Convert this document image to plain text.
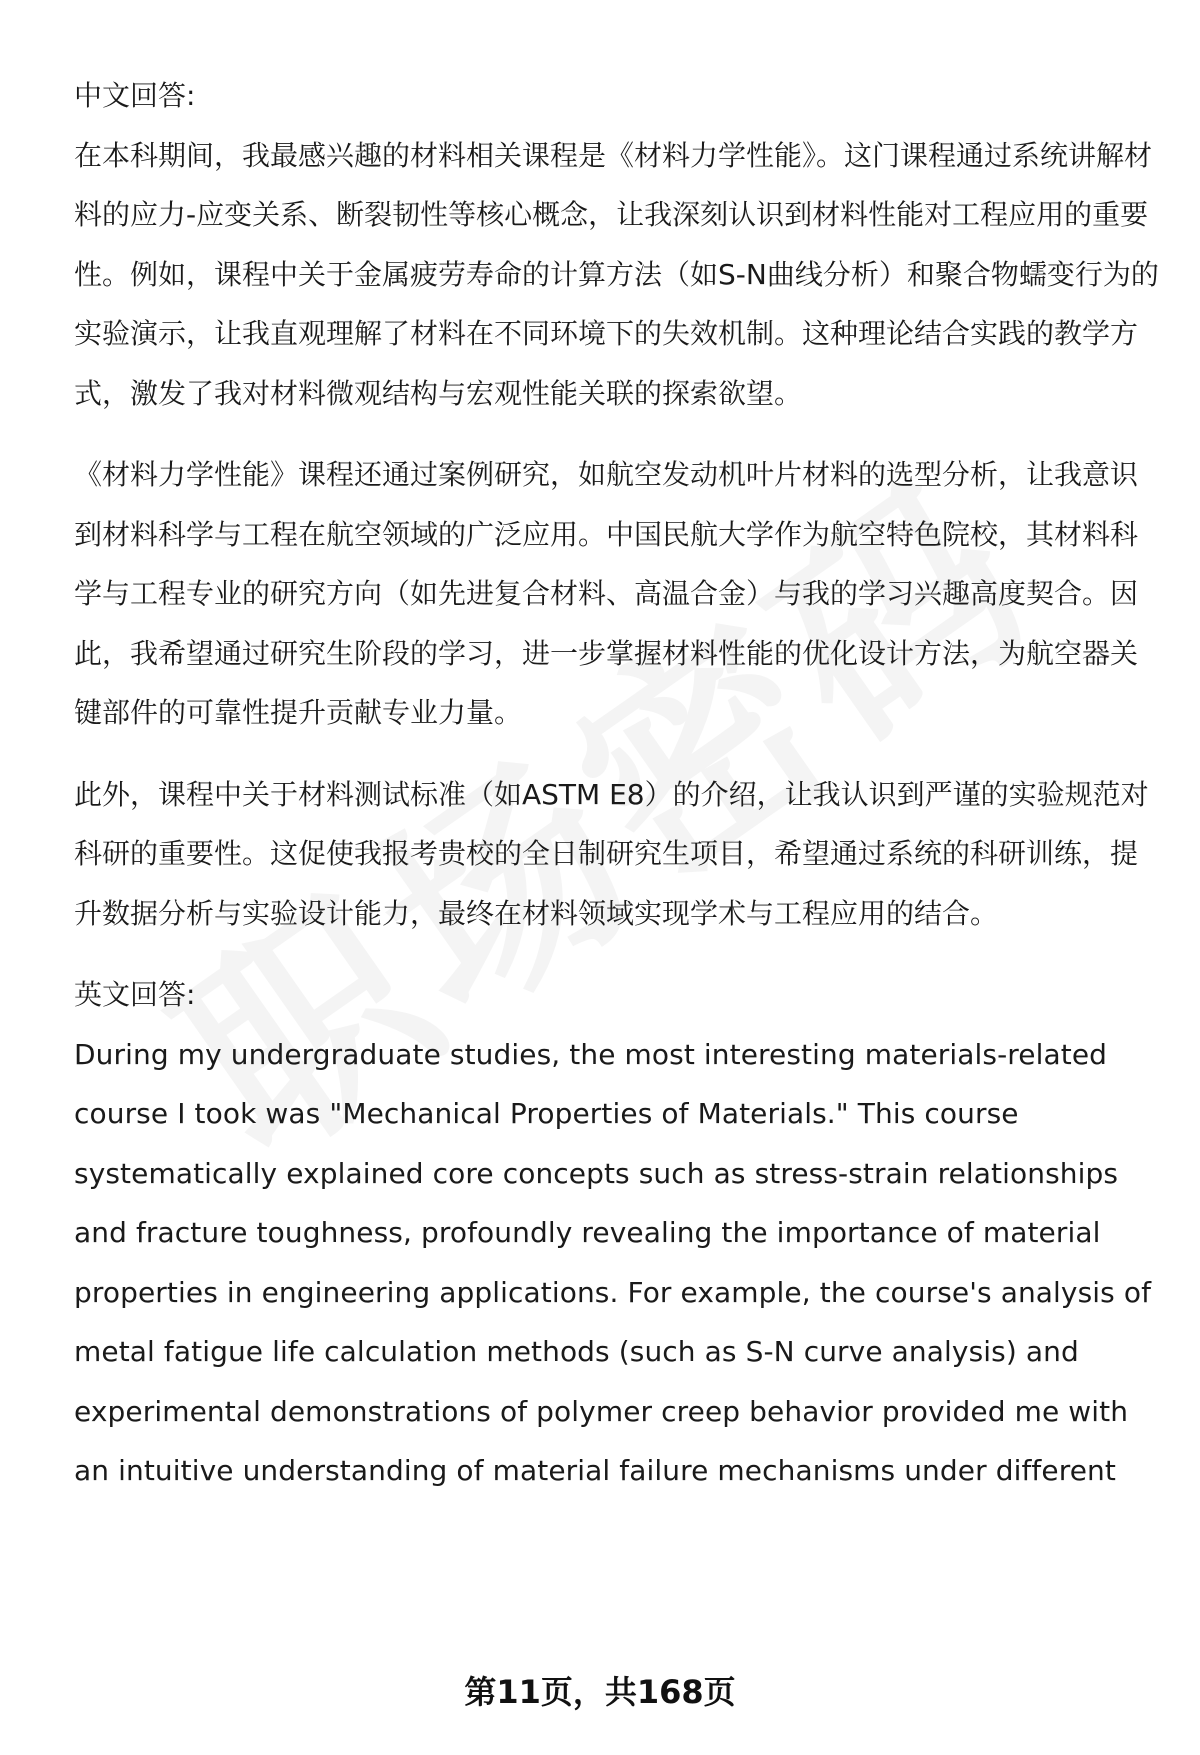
中文回答:

在本科期间，我最感兴趣的材料相关课程是《材料力学性能》。这门课程通过系统讲解材料的应力-应变关系、断裂韧性等核心概念，让我深刻认识到材料性能对工程应用的重要性。例如，课程中关于金属疲劳寿命的计算方法（如S-N曲线分析）和聚合物蠕变行为的实验演示，让我直观理解了材料在不同环境下的失效机制。这种理论结合实践的教学方式，激发了我对材料微观结构与宏观性能关联的探索欲望。

《材料力学性能》课程还通过案例研究，如航空发动机叶片材料的选型分析，让我意识到材料科学与工程在航空领域的广泛应用。中国民航大学作为航空特色院校，其材料科学与工程专业的研究方向（如先进复合材料、高温合金）与我的学习兴趣高度契合。因此，我希望通过研究生阶段的学习，进一步掌握材料性能的优化设计方法，为航空器关键部件的可靠性提升贡献专业力量。

此外，课程中关于材料测试标准（如ASTM E8）的介绍，让我认识到严谨的实验规范对科研的重要性。这促使我报考贵校的全日制研究生项目，希望通过系统的科研训练，提升数据分析与实验设计能力，最终在材料领域实现学术与工程应用的结合。

英文回答:

During my undergraduate studies, the most interesting materials-related course I took was "Mechanical Properties of Materials." This course systematically explained core concepts such as stress-strain relationships and fracture toughness, profoundly revealing the importance of material properties in engineering applications. For example, the course's analysis of metal fatigue life calculation methods (such as S-N curve analysis) and experimental demonstrations of polymer creep behavior provided me with an intuitive understanding of material failure mechanisms under different

第11页，共168页
